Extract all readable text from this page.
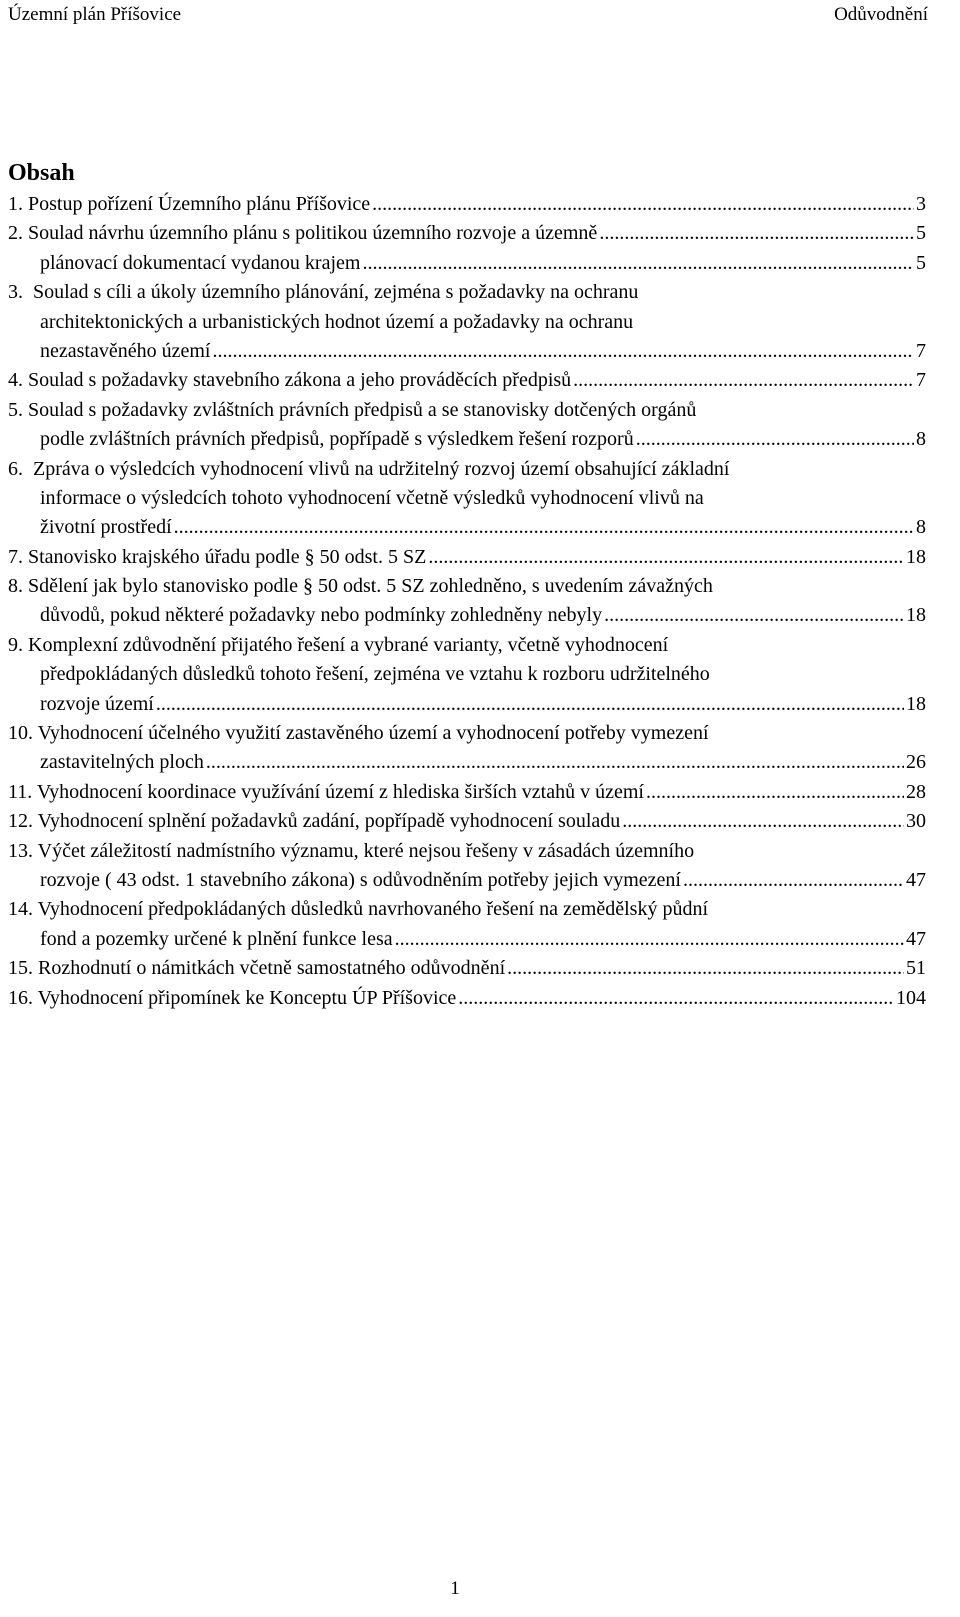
Územní plán Příšovice	Odůvodnění
Obsah
1. Postup pořízení Územního plánu Příšovice .....	3
2. Soulad návrhu územního plánu s politikou územního rozvoje a územně .....	5
plánovací dokumentací vydanou krajem .....	5
3.  Soulad s cíli a úkoly územního plánování, zejména s požadavky na ochranu
architektonických a urbanistických hodnot území a požadavky na ochranu
nezastavěného území .....	7
4. Soulad s požadavky stavebního zákona a jeho prováděcích předpisů .....	7
5. Soulad s požadavky zvláštních právních předpisů a se stanovisky dotčených orgánů
podle zvláštních právních předpisů, popřípadě s výsledkem řešení rozporů .....	8
6.  Zpráva o výsledcích vyhodnocení vlivů na udržitelný rozvoj území obsahující základní
informace o výsledcích tohoto vyhodnocení včetně výsledků vyhodnocení vlivů na
životní prostředí .....	8
7. Stanovisko krajského úřadu podle § 50 odst. 5 SZ .....	18
8. Sdělení jak bylo stanovisko podle § 50 odst. 5 SZ zohledněno, s uvedením závažných
důvodů, pokud některé požadavky nebo podmínky zohledněny nebyly .....	18
9. Komplexní zdůvodnění přijatého řešení a vybrané varianty, včetně vyhodnocení
předpokládaných důsledků tohoto řešení, zejména ve vztahu k rozboru udržitelného
rozvoje území .....	18
10. Vyhodnocení účelného využití zastavěného území a vyhodnocení potřeby vymezení
zastavitelných ploch .....	26
11. Vyhodnocení koordinace využívání území z hlediska širších vztahů v území .....	28
12. Vyhodnocení splnění požadavků zadání, popřípadě vyhodnocení souladu .....	30
13. Výčet záležitostí nadmístního významu, které nejsou řešeny v zásadách územního
rozvoje ( 43 odst. 1 stavebního zákona) s odůvodněním potřeby jejich vymezení .....	47
14. Vyhodnocení předpokládaných důsledků navrhovaného řešení na zemědělský půdní
fond a pozemky určené k plnění funkce lesa .....	47
15. Rozhodnutí o námitkách včetně samostatného odůvodnění .....	51
16. Vyhodnocení připomínek ke Konceptu ÚP Příšovice .....	104
1
